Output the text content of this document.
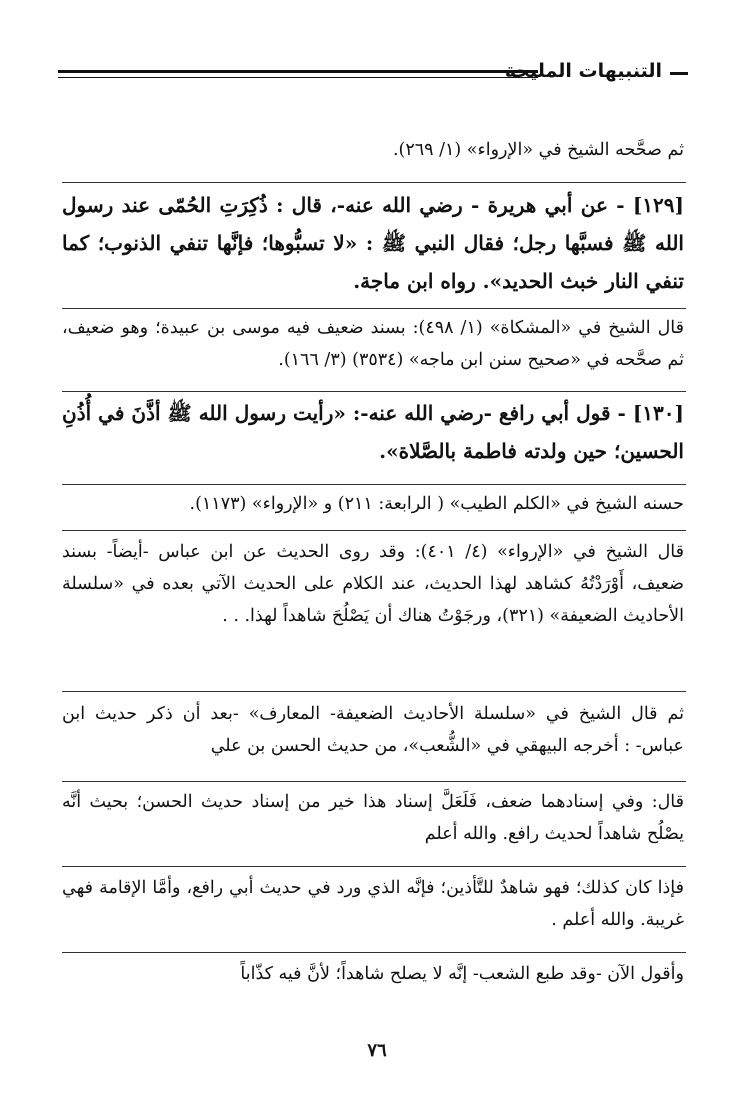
التنبيهات المليحة

ثم صحَّحه الشيخ في «الإرواء» (١/ ٢٦٩).

[١٢٩] - عن أبي هريرة - رضي الله عنه-، قال : ذُكِرَتِ الحُمّى عند رسول الله ﷺ فسبَّها رجل؛ فقال النبي ﷺ : «لا تسبُّوها؛ فإنَّها تنفي الذنوب؛ كما تنفي النار خبث الحديد». رواه ابن ماجة.

قال الشيخ في «المشكاة» (١/ ٤٩٨): بسند ضعيف فيه موسى بن عبيدة؛ وهو ضعيف، ثم صحَّحه في «صحيح سنن ابن ماجه» (٣٥٣٤) (٣/ ١٦٦).

[١٣٠] - قول أبي رافع -رضي الله عنه-: «رأيت رسول الله ﷺ أذَّنَ في أُذُنِ الحسين؛ حين ولدته فاطمة بالصَّلاة».

حسنه الشيخ في «الكلم الطيب» ( الرابعة: ٢١١) و «الإرواء» (١١٧٣).

قال الشيخ في «الإرواء» (٤/ ٤٠١): وقد روى الحديث عن ابن عباس -أيضاً- بسند ضعيف، أَوْرَدْتُهُ كشاهد لهذا الحديث، عند الكلام على الحديث الآتي بعده في «سلسلة الأحاديث الضعيفة» (٣٢١)، ورجَوْتُ هناك أن يَصْلُحَ شاهداً لهذا. . .

ثم قال الشيخ في «سلسلة الأحاديث الضعيفة- المعارف» -بعد أن ذكر حديث ابن عباس- : أخرجه البيهقي في «الشُّعب»، من حديث الحسن بن علي

قال: وفي إسنادهما ضعف، فَلَعَلَّ إسناد هذا خير من إسناد حديث الحسن؛ بحيث أنَّه يصْلُح شاهداً لحديث رافع. والله أعلم

فإذا كان كذلك؛ فهو شاهدٌ للتَّأذين؛ فإنَّه الذي ورد في حديث أبي رافع، وأمَّا الإقامة فهي غريبة. والله أعلم .

وأقول الآن -وقد طبع الشعب- إنَّه لا يصلح شاهداً؛ لأنَّ فيه كذّاباً

٧٦
